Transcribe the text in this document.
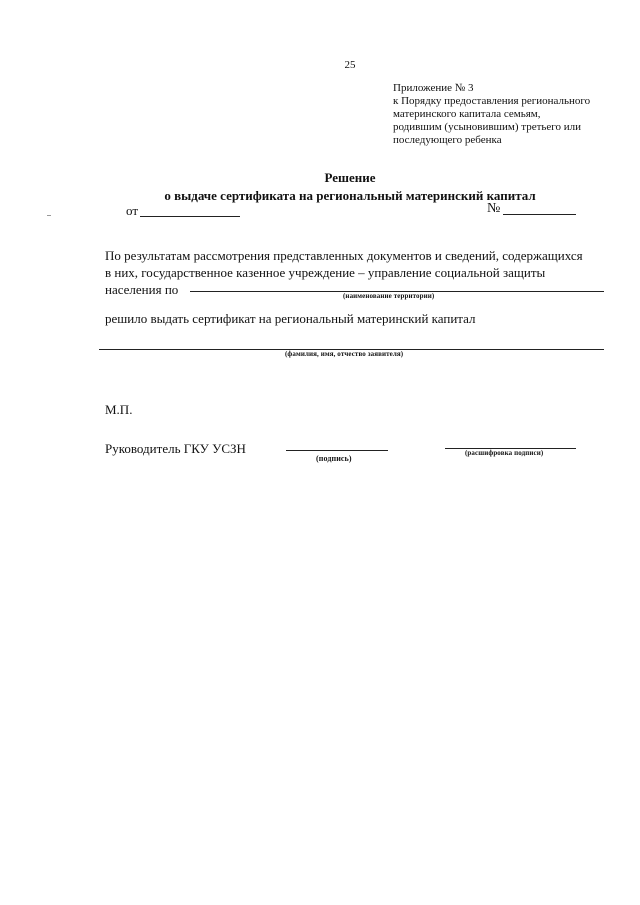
25
Приложение № 3
к Порядку предоставления регионального
материнского капитала семьям,
родившим (усыновившим) третьего или
последующего ребенка
Решение
о выдаче сертификата на региональный материнский капитал
от	№
По результатам рассмотрения представленных документов и сведений, содержащихся
в них, государственное казенное учреждение – управление социальной защиты
населения по	(наименование территории)
решило выдать сертификат на региональный материнский капитал
(фамилия, имя, отчество заявителя)
М.П.
Руководитель ГКУ УСЗН
(подпись)
(расшифровка подписи)
